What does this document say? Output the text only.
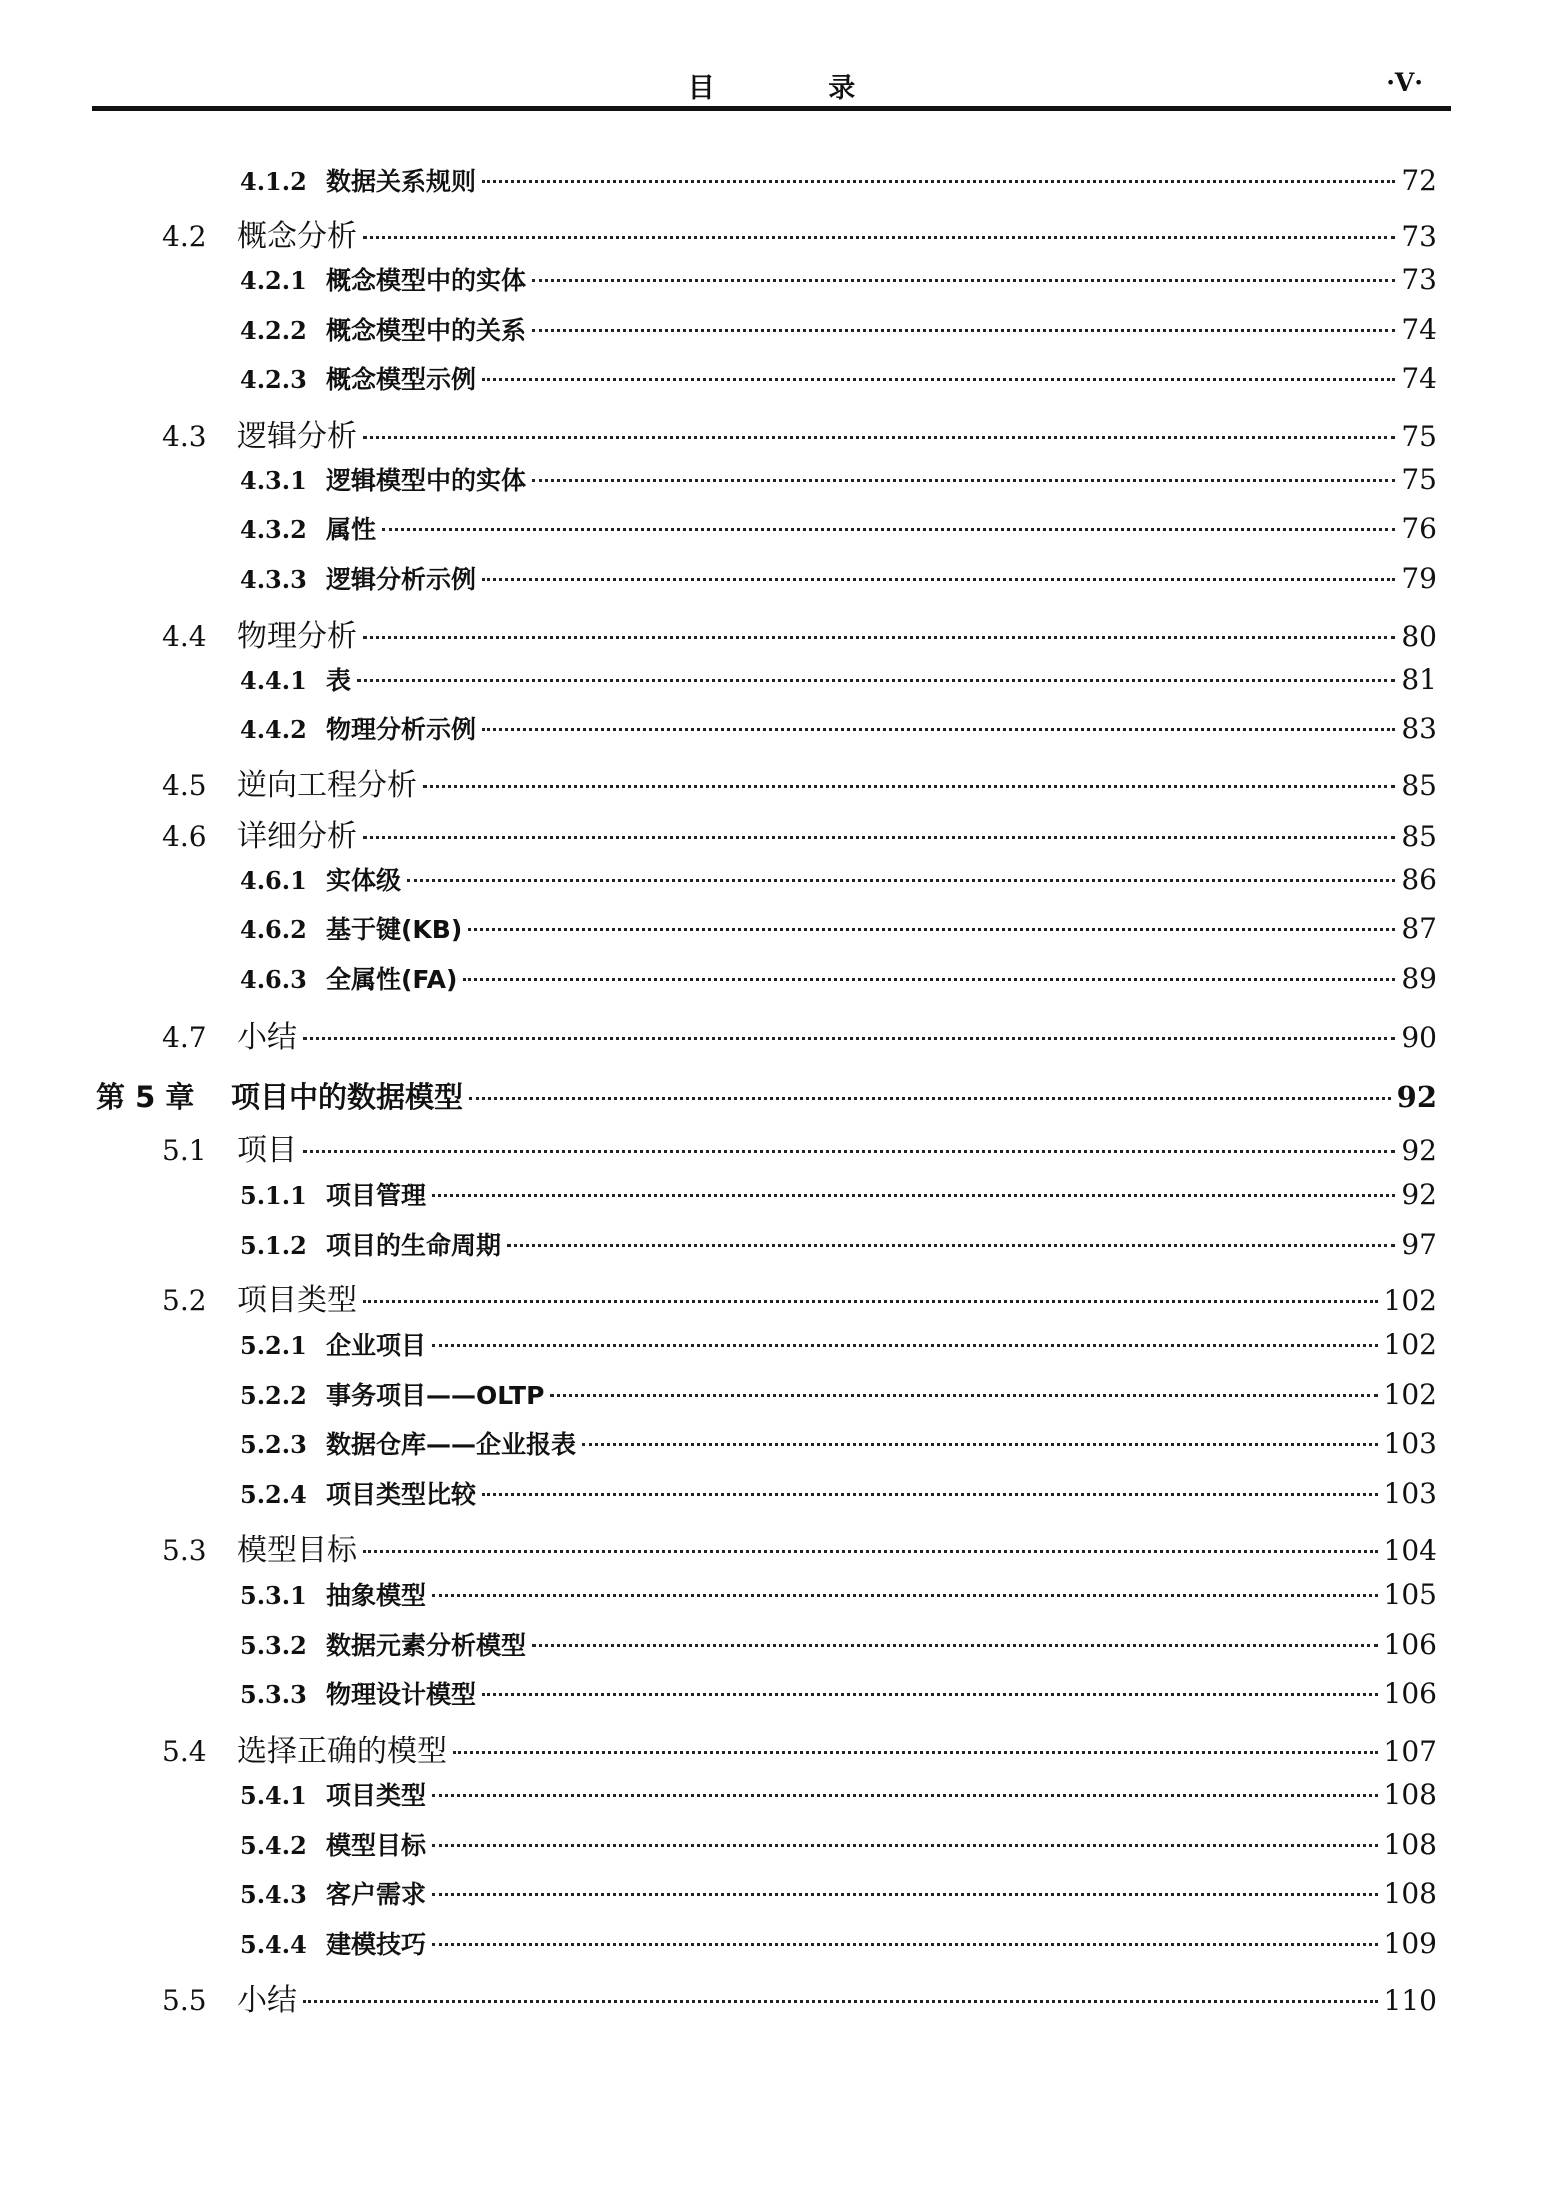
目 录	·V·
4.1.2 数据关系规则	72
4.2	概念分析	73
4.2.1 概念模型中的实体	73
4.2.2 概念模型中的关系	74
4.2.3 概念模型示例	74
4.3	逻辑分析	75
4.3.1 逻辑模型中的实体	75
4.3.2 属性	76
4.3.3 逻辑分析示例	79
4.4	物理分析	80
4.4.1 表	81
4.4.2 物理分析示例	83
4.5	逆向工程分析	85
4.6	详细分析	85
4.6.1 实体级	86
4.6.2 基于键(KB)	87
4.6.3 全属性(FA)	89
4.7	小结	90
第 5 章	项目中的数据模型	92
5.1	项目	92
5.1.1 项目管理	92
5.1.2 项目的生命周期	97
5.2	项目类型	102
5.2.1 企业项目	102
5.2.2 事务项目——OLTP	102
5.2.3 数据仓库——企业报表	103
5.2.4 项目类型比较	103
5.3	模型目标	104
5.3.1 抽象模型	105
5.3.2 数据元素分析模型	106
5.3.3 物理设计模型	106
5.4	选择正确的模型	107
5.4.1 项目类型	108
5.4.2 模型目标	108
5.4.3 客户需求	108
5.4.4 建模技巧	109
5.5	小结	110
